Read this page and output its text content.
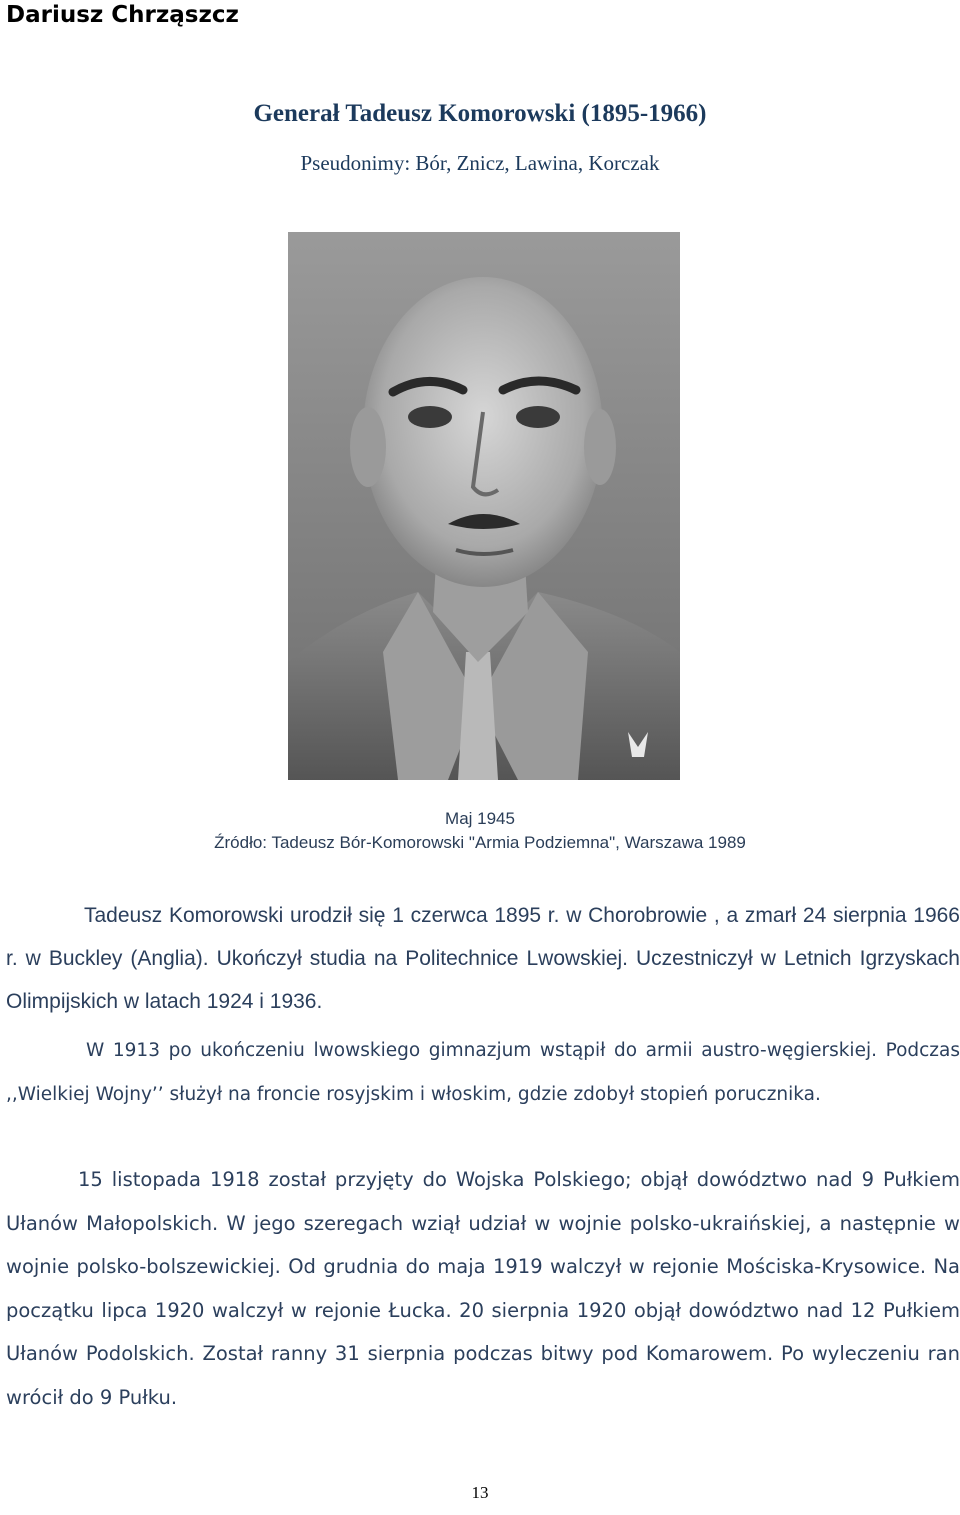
Dariusz Chrząszcz
Generał Tadeusz Komorowski (1895-1966)
Pseudonimy: Bór, Znicz, Lawina, Korczak
Maj 1945
Źródło: Tadeusz Bór-Komorowski "Armia Podziemna", Warszawa 1989

Tadeusz Komorowski urodził się 1 czerwca 1895 r. w Chorobrowie , a zmarł 24 sierpnia 1966 r. w Buckley (Anglia). Ukończył studia na Politechnice Lwowskiej. Uczestniczył w Letnich Igrzyskach Olimpijskich w latach 1924 i 1936.

W 1913 po ukończeniu lwowskiego gimnazjum wstąpił do armii austro-węgierskiej. Podczas ,,Wielkiej Wojny’’ służył na froncie rosyjskim i włoskim, gdzie zdobył stopień porucznika.

15 listopada 1918 został przyjęty do Wojska Polskiego; objął dowództwo nad 9 Pułkiem Ułanów Małopolskich. W jego szeregach wziął udział w wojnie polsko-ukraińskiej, a następnie w wojnie polsko-bolszewickiej. Od grudnia do maja 1919 walczył w rejonie Mościska-Krysowice. Na początku lipca 1920 walczył w rejonie Łucka. 20 sierpnia 1920 objął dowództwo nad 12 Pułkiem Ułanów Podolskich. Został ranny 31 sierpnia podczas bitwy pod Komarowem. Po wyleczeniu ran wrócił do 9 Pułku.

13
